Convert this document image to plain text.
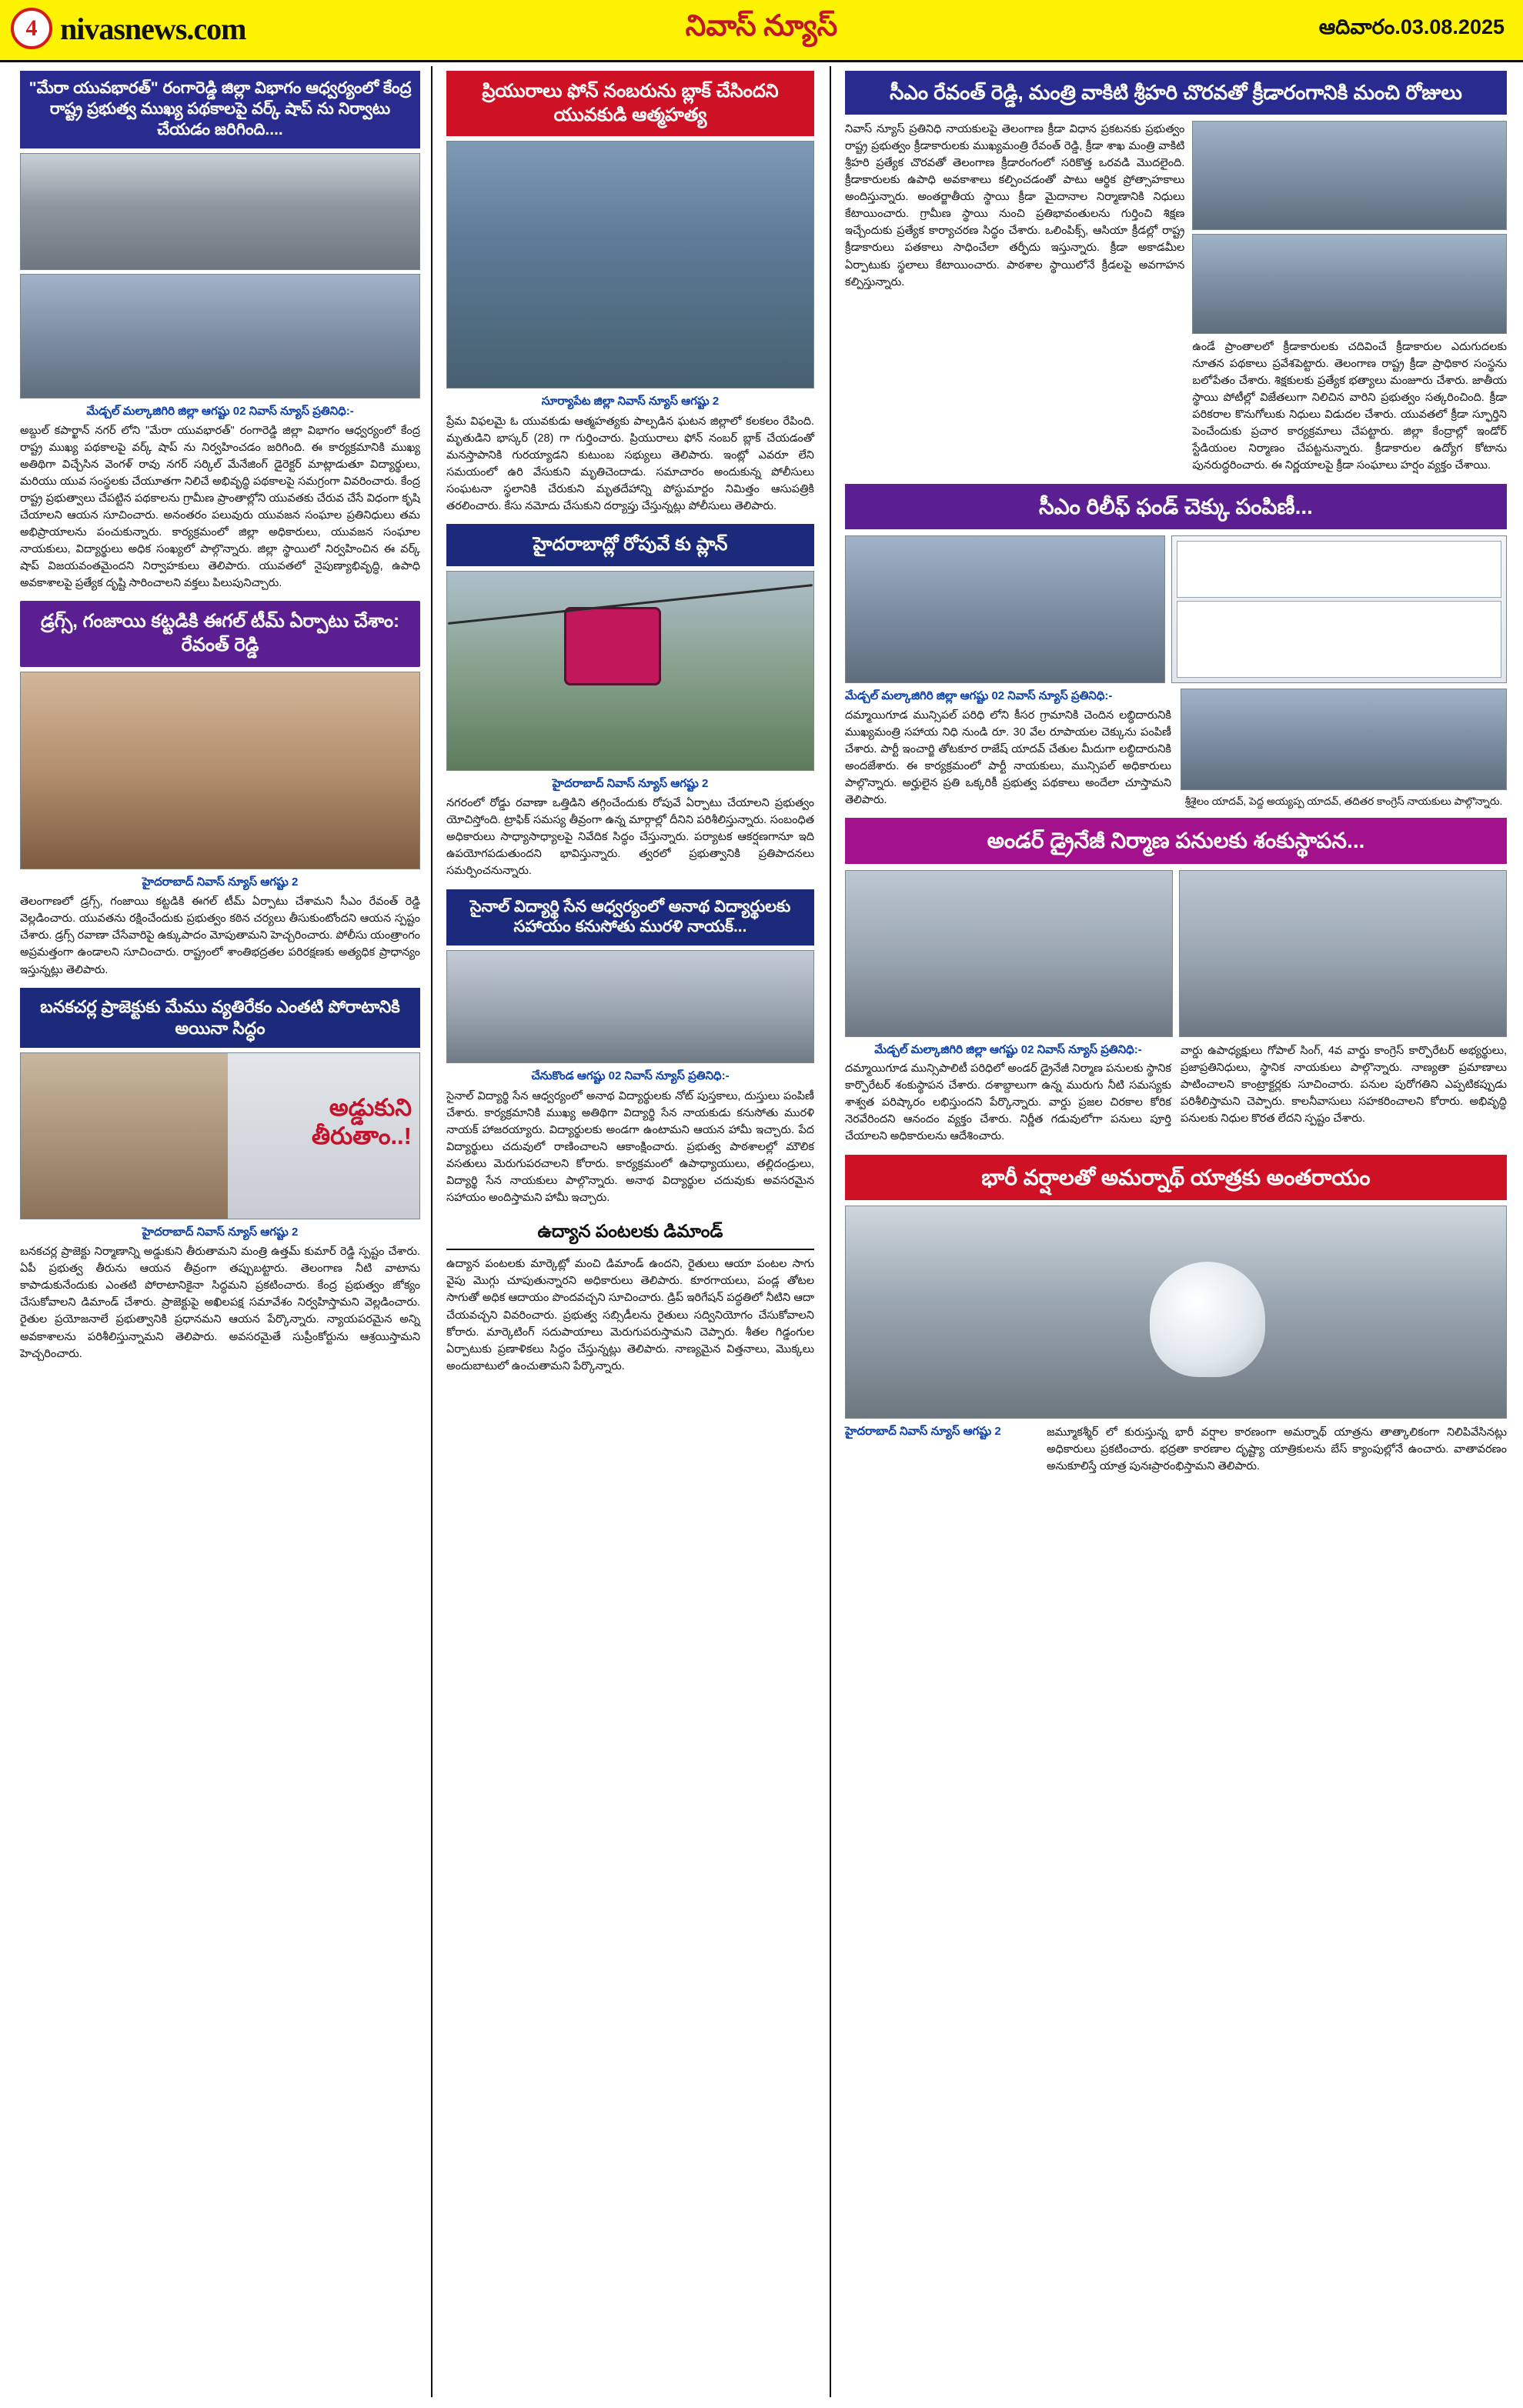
4 nivasnews.com	నివాస్ న్యూస్	ఆదివారం.03.08.2025
"మేరా యువభారత్" రంగారెడ్డి జిల్లా విభాగం ఆధ్వర్యంలో కేంద్ర రాష్ట్ర ప్రభుత్వ ముఖ్య పథకాలపై వర్క్ షాప్ ను నిర్వాటు చేయడం జరిగింది....
మేడ్చల్ మల్కాజిగిరి జిల్లా ఆగష్టు 02 నివాస్ న్యూస్ ప్రతినిధి:-
అబ్దుల్ కపార్ఖాన్ నగర్ లోని "మేరా యువభారత్" రంగారెడ్డి జిల్లా విభాగం ఆధ్వర్యంలో కేంద్ర రాష్ట్ర ముఖ్య పథకాలపై వర్క్ షాప్ ను నిర్వహించడం జరిగింది. ఈ కార్యక్రమానికి ముఖ్య అతిథిగా విచ్చేసిన వెంగళ్ రావు నగర్ సర్కిల్ మేనేజింగ్ డైరెక్టర్ మాట్లాడుతూ విద్యార్థులు, మరియు యువ సంస్థలకు చేయూతగా నిలిచే అభివృద్ధి పథకాలపై సమగ్రంగా వివరించారు. కేంద్ర రాష్ట్ర ప్రభుత్వాలు చేపట్టిన పథకాలను గ్రామీణ ప్రాంతాల్లోని యువతకు చేరువ చేసే విధంగా కృషి చేయాలని ఆయన సూచించారు. అనంతరం పలువురు యువజన సంఘాల ప్రతినిధులు తమ అభిప్రాయాలను పంచుకున్నారు. కార్యక్రమంలో జిల్లా అధికారులు, యువజన సంఘాల నాయకులు, విద్యార్థులు అధిక సంఖ్యలో పాల్గొన్నారు. జిల్లా స్థాయిలో నిర్వహించిన ఈ వర్క్ షాప్ విజయవంతమైందని నిర్వాహకులు తెలిపారు. యువతలో నైపుణ్యాభివృద్ధి, ఉపాధి అవకాశాలపై ప్రత్యేక దృష్టి సారించాలని వక్తలు పిలుపునిచ్చారు.
డ్రగ్స్, గంజాయి కట్టడికి ఈగల్ టీమ్ ఏర్పాటు చేశాం: రేవంత్ రెడ్డి
హైదరాబాద్ నివాస్ న్యూస్ ఆగష్టు 2
తెలంగాణలో డ్రగ్స్, గంజాయి కట్టడికి ఈగల్ టీమ్ ఏర్పాటు చేశామని సీఎం రేవంత్ రెడ్డి వెల్లడించారు. యువతను రక్షించేందుకు ప్రభుత్వం కఠిన చర్యలు తీసుకుంటోందని ఆయన స్పష్టం చేశారు. డ్రగ్స్ రవాణా చేసేవారిపై ఉక్కుపాదం మోపుతామని హెచ్చరించారు. పోలీసు యంత్రాంగం అప్రమత్తంగా ఉండాలని సూచించారు. రాష్ట్రంలో శాంతిభద్రతల పరిరక్షణకు అత్యధిక ప్రాధాన్యం ఇస్తున్నట్లు తెలిపారు.
బనకచర్ల ప్రాజెక్టుకు మేము వ్యతిరేకం ఎంతటి పోరాటానికి అయినా సిద్ధం
అడ్డుకుని
తీరుతాం..!
హైదరాబాద్ నివాస్ న్యూస్ ఆగష్టు 2
బనకచర్ల ప్రాజెక్టు నిర్మాణాన్ని అడ్డుకుని తీరుతామని మంత్రి ఉత్తమ్ కుమార్ రెడ్డి స్పష్టం చేశారు. ఏపీ ప్రభుత్వ తీరును ఆయన తీవ్రంగా తప్పుబట్టారు. తెలంగాణ నీటి వాటాను కాపాడుకునేందుకు ఎంతటి పోరాటానికైనా సిద్ధమని ప్రకటించారు. కేంద్ర ప్రభుత్వం జోక్యం చేసుకోవాలని డిమాండ్ చేశారు. ప్రాజెక్టుపై అఖిలపక్ష సమావేశం నిర్వహిస్తామని వెల్లడించారు. రైతుల ప్రయోజనాలే ప్రభుత్వానికి ప్రధానమని ఆయన పేర్కొన్నారు. న్యాయపరమైన అన్ని అవకాశాలను పరిశీలిస్తున్నామని తెలిపారు. అవసరమైతే సుప్రీంకోర్టును ఆశ్రయిస్తామని హెచ్చరించారు.
ప్రియురాలు ఫోన్ నంబరును బ్లాక్ చేసిందని యువకుడి ఆత్మహత్య
సూర్యాపేట జిల్లా నివాస్ న్యూస్ ఆగష్టు 2
ప్రేమ విఫలమై ఓ యువకుడు ఆత్మహత్యకు పాల్పడిన ఘటన జిల్లాలో కలకలం రేపింది. మృతుడిని భాస్కర్ (28) గా గుర్తించారు. ప్రియురాలు ఫోన్ నంబర్ బ్లాక్ చేయడంతో మనస్తాపానికి గురయ్యాడని కుటుంబ సభ్యులు తెలిపారు. ఇంట్లో ఎవరూ లేని సమయంలో ఉరి వేసుకుని మృతిచెందాడు. సమాచారం అందుకున్న పోలీసులు సంఘటనా స్థలానికి చేరుకుని మృతదేహాన్ని పోస్టుమార్టం నిమిత్తం ఆసుపత్రికి తరలించారు. కేసు నమోదు చేసుకుని దర్యాప్తు చేస్తున్నట్లు పోలీసులు తెలిపారు.
హైదరాబాద్లో రోపువే కు ప్లాన్
హైదరాబాద్ నివాస్ న్యూస్ ఆగష్టు 2
నగరంలో రోడ్డు రవాణా ఒత్తిడిని తగ్గించేందుకు రోపువే ఏర్పాటు చేయాలని ప్రభుత్వం యోచిస్తోంది. ట్రాఫిక్ సమస్య తీవ్రంగా ఉన్న మార్గాల్లో దీనిని పరిశీలిస్తున్నారు. సంబంధిత అధికారులు సాధ్యాసాధ్యాలపై నివేదిక సిద్ధం చేస్తున్నారు. పర్యాటక ఆకర్షణగానూ ఇది ఉపయోగపడుతుందని భావిస్తున్నారు. త్వరలో ప్రభుత్వానికి ప్రతిపాదనలు సమర్పించనున్నారు.
సైనాల్ విద్యార్థి సేన ఆధ్వర్యంలో అనాథ విద్యార్థులకు సహాయం కనుసోతు మురళి నాయక్...
చేనుకొండ ఆగష్టు 02 నివాస్ న్యూస్ ప్రతినిధి:-
సైనాల్ విద్యార్థి సేన ఆధ్వర్యంలో అనాథ విద్యార్థులకు నోట్ పుస్తకాలు, దుస్తులు పంపిణీ చేశారు. కార్యక్రమానికి ముఖ్య అతిథిగా విద్యార్థి సేన నాయకుడు కనుసోతు మురళి నాయక్ హాజరయ్యారు. విద్యార్థులకు అండగా ఉంటామని ఆయన హామీ ఇచ్చారు. పేద విద్యార్థులు చదువులో రాణించాలని ఆకాంక్షించారు. ప్రభుత్వ పాఠశాలల్లో మౌలిక వసతులు మెరుగుపరచాలని కోరారు. కార్యక్రమంలో ఉపాధ్యాయులు, తల్లిదండ్రులు, విద్యార్థి సేన నాయకులు పాల్గొన్నారు. అనాథ విద్యార్థుల చదువుకు అవసరమైన సహాయం అందిస్తామని హామీ ఇచ్చారు.
ఉద్యాన పంటలకు డిమాండ్
ఉద్యాన పంటలకు మార్కెట్లో మంచి డిమాండ్ ఉందని, రైతులు ఆయా పంటల సాగు వైపు మొగ్గు చూపుతున్నారని అధికారులు తెలిపారు. కూరగాయలు, పండ్ల తోటల సాగుతో అధిక ఆదాయం పొందవచ్చని సూచించారు. డ్రిప్ ఇరిగేషన్ పద్ధతిలో నీటిని ఆదా చేయవచ్చని వివరించారు. ప్రభుత్వ సబ్సిడీలను రైతులు సద్వినియోగం చేసుకోవాలని కోరారు. మార్కెటింగ్ సదుపాయాలు మెరుగుపరుస్తామని చెప్పారు. శీతల గిడ్డంగుల ఏర్పాటుకు ప్రణాళికలు సిద్ధం చేస్తున్నట్లు తెలిపారు. నాణ్యమైన విత్తనాలు, మొక్కలు అందుబాటులో ఉంచుతామని పేర్కొన్నారు.
సీఎం రేవంత్ రెడ్డి, మంత్రి వాకిటి శ్రీహరి చొరవతో క్రీడారంగానికి మంచి రోజులు
నివాస్ న్యూస్ ప్రతినిధి నాయకులపై తెలంగాణ క్రీడా విధాన ప్రకటనకు ప్రభుత్వం రాష్ట్ర ప్రభుత్వం క్రీడాకారులకు ముఖ్యమంత్రి రేవంత్ రెడ్డి, క్రీడా శాఖ మంత్రి వాకిటి శ్రీహరి ప్రత్యేక చొరవతో తెలంగాణ క్రీడారంగంలో సరికొత్త ఒరవడి మొదలైంది. క్రీడాకారులకు ఉపాధి అవకాశాలు కల్పించడంతో పాటు ఆర్థిక ప్రోత్సాహకాలు అందిస్తున్నారు. అంతర్జాతీయ స్థాయి క్రీడా మైదానాల నిర్మాణానికి నిధులు కేటాయించారు. గ్రామీణ స్థాయి నుంచి ప్రతిభావంతులను గుర్తించి శిక్షణ ఇచ్చేందుకు ప్రత్యేక కార్యాచరణ సిద్ధం చేశారు. ఒలింపిక్స్, ఆసియా క్రీడల్లో రాష్ట్ర క్రీడాకారులు పతకాలు సాధించేలా తర్ఫీదు ఇస్తున్నారు. క్రీడా అకాడమీల ఏర్పాటుకు స్థలాలు కేటాయించారు. పాఠశాల స్థాయిలోనే క్రీడలపై అవగాహన కల్పిస్తున్నారు.
ఉండే ప్రాంతాలలో క్రీడాకారులకు చదివించే క్రీడాకారుల ఎదుగుదలకు నూతన పథకాలు ప్రవేశపెట్టారు. తెలంగాణ రాష్ట్ర క్రీడా ప్రాధికార సంస్థను బలోపేతం చేశారు. శిక్షకులకు ప్రత్యేక భత్యాలు మంజూరు చేశారు. జాతీయ స్థాయి పోటీల్లో విజేతలుగా నిలిచిన వారిని ప్రభుత్వం సత్కరించింది. క్రీడా పరికరాల కొనుగోలుకు నిధులు విడుదల చేశారు. యువతలో క్రీడా స్ఫూర్తిని పెంచేందుకు ప్రచార కార్యక్రమాలు చేపట్టారు. జిల్లా కేంద్రాల్లో ఇండోర్ స్టేడియంల నిర్మాణం చేపట్టనున్నారు. క్రీడాకారుల ఉద్యోగ కోటాను పునరుద్ధరించారు. ఈ నిర్ణయాలపై క్రీడా సంఘాలు హర్షం వ్యక్తం చేశాయి.
సీఎం రిలీఫ్ ఫండ్ చెక్కు పంపిణీ...
మేడ్చల్ మల్కాజిగిరి జిల్లా ఆగష్టు 02 నివాస్ న్యూస్ ప్రతినిధి:-
దమ్మాయిగూడ మున్సిపల్ పరిధి లోని కీసర గ్రామానికి చెందిన లబ్ధిదారునికి ముఖ్యమంత్రి సహాయ నిధి నుండి రూ. 30 వేల రూపాయల చెక్కును పంపిణీ చేశారు. పార్టీ ఇంచార్జి తోటకూర రాజేష్ యాదవ్ చేతుల మీదుగా లబ్ధిదారునికి అందజేశారు. ఈ కార్యక్రమంలో పార్టీ నాయకులు, మున్సిపల్ అధికారులు పాల్గొన్నారు. అర్హులైన ప్రతి ఒక్కరికీ ప్రభుత్వ పథకాలు అందేలా చూస్తామని తెలిపారు.	శ్రీశైలం యాదవ్, పెద్ద అయ్యప్ప యాదవ్, తదితర కాంగ్రెస్ నాయకులు పాల్గొన్నారు.
అండర్ డ్రైనేజీ నిర్మాణ పనులకు శంకుస్థాపన...
మేడ్చల్ మల్కాజిగిరి జిల్లా ఆగష్టు 02 నివాస్ న్యూస్ ప్రతినిధి:-
దమ్మాయిగూడ మున్సిపాలిటీ పరిధిలో అండర్ డ్రైనేజీ నిర్మాణ పనులకు స్థానిక కార్పొరేటర్ శంకుస్థాపన చేశారు. దశాబ్దాలుగా ఉన్న మురుగు నీటి సమస్యకు శాశ్వత పరిష్కారం లభిస్తుందని పేర్కొన్నారు. వార్డు ప్రజల చిరకాల కోరిక నెరవేరిందని ఆనందం వ్యక్తం చేశారు. నిర్ణీత గడువులోగా పనులు పూర్తి చేయాలని అధికారులను ఆదేశించారు.
వార్డు ఉపాధ్యక్షులు గోపాల్ సింగ్, 4వ వార్డు కాంగ్రెస్ కార్పొరేటర్ అభ్యర్థులు, ప్రజాప్రతినిధులు, స్థానిక నాయకులు పాల్గొన్నారు. నాణ్యతా ప్రమాణాలు పాటించాలని కాంట్రాక్టర్లకు సూచించారు. పనుల పురోగతిని ఎప్పటికప్పుడు పరిశీలిస్తామని చెప్పారు. కాలనీవాసులు సహకరించాలని కోరారు. అభివృద్ధి పనులకు నిధుల కొరత లేదని స్పష్టం చేశారు.
భారీ వర్షాలతో అమర్నాథ్ యాత్రకు అంతరాయం
హైదరాబాద్ నివాస్ న్యూస్ ఆగష్టు 2	జమ్మూకశ్మీర్ లో కురుస్తున్న భారీ వర్షాల కారణంగా అమర్నాథ్ యాత్రను తాత్కాలికంగా నిలిపివేసినట్లు అధికారులు ప్రకటించారు. భద్రతా కారణాల దృష్ట్యా యాత్రికులను బేస్ క్యాంపుల్లోనే ఉంచారు. వాతావరణం అనుకూలిస్తే యాత్ర పునఃప్రారంభిస్తామని తెలిపారు.
